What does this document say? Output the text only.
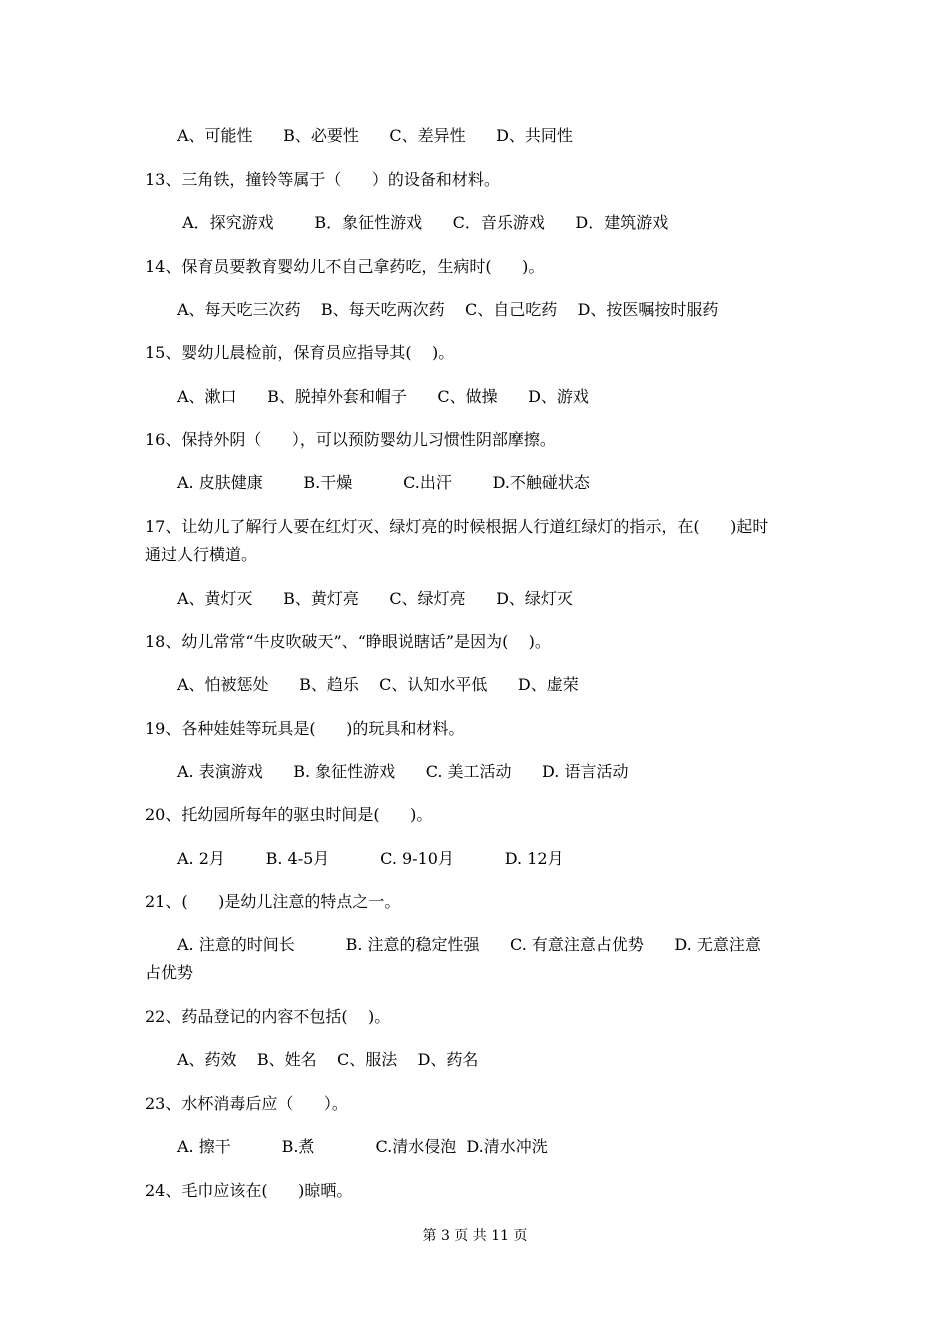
A、可能性      B、必要性      C、差异性      D、共同性
13、三角铁，撞铃等属于（      ）的设备和材料。
A．探究游戏        B．象征性游戏      C．音乐游戏      D．建筑游戏
14、保育员要教育婴幼儿不自己拿药吃，生病时(      )。
A、每天吃三次药    B、每天吃两次药    C、自己吃药    D、按医嘱按时服药
15、婴幼儿晨检前，保育员应指导其(    )。
A、漱口      B、脱掉外套和帽子      C、做操      D、游戏
16、保持外阴（      ），可以预防婴幼儿习惯性阴部摩擦。
A. 皮肤健康        B.干燥          C.出汗        D.不触碰状态
17、让幼儿了解行人要在红灯灭、绿灯亮的时候根据人行道红绿灯的指示，在(      )起时
通过人行横道。
A、黄灯灭      B、黄灯亮      C、绿灯亮      D、绿灯灭
18、幼儿常常“牛皮吹破天”、“睁眼说瞎话”是因为(    )。
A、怕被惩处      B、趋乐    C、认知水平低      D、虚荣
19、各种娃娃等玩具是(      )的玩具和材料。
A. 表演游戏      B. 象征性游戏      C. 美工活动      D. 语言活动
20、托幼园所每年的驱虫时间是(      )。
A. 2月        B. 4-5月          C. 9-10月          D. 12月
21、(      )是幼儿注意的特点之一。
A. 注意的时间长          B. 注意的稳定性强      C. 有意注意占优势      D. 无意注意
占优势
22、药品登记的内容不包括(    )。
A、药效    B、姓名    C、服法    D、药名
23、水杯消毒后应（      ）。
A. 擦干          B.煮            C.清水侵泡  D.清水冲洗
24、毛巾应该在(      )晾晒。
第 3 页 共 11 页
